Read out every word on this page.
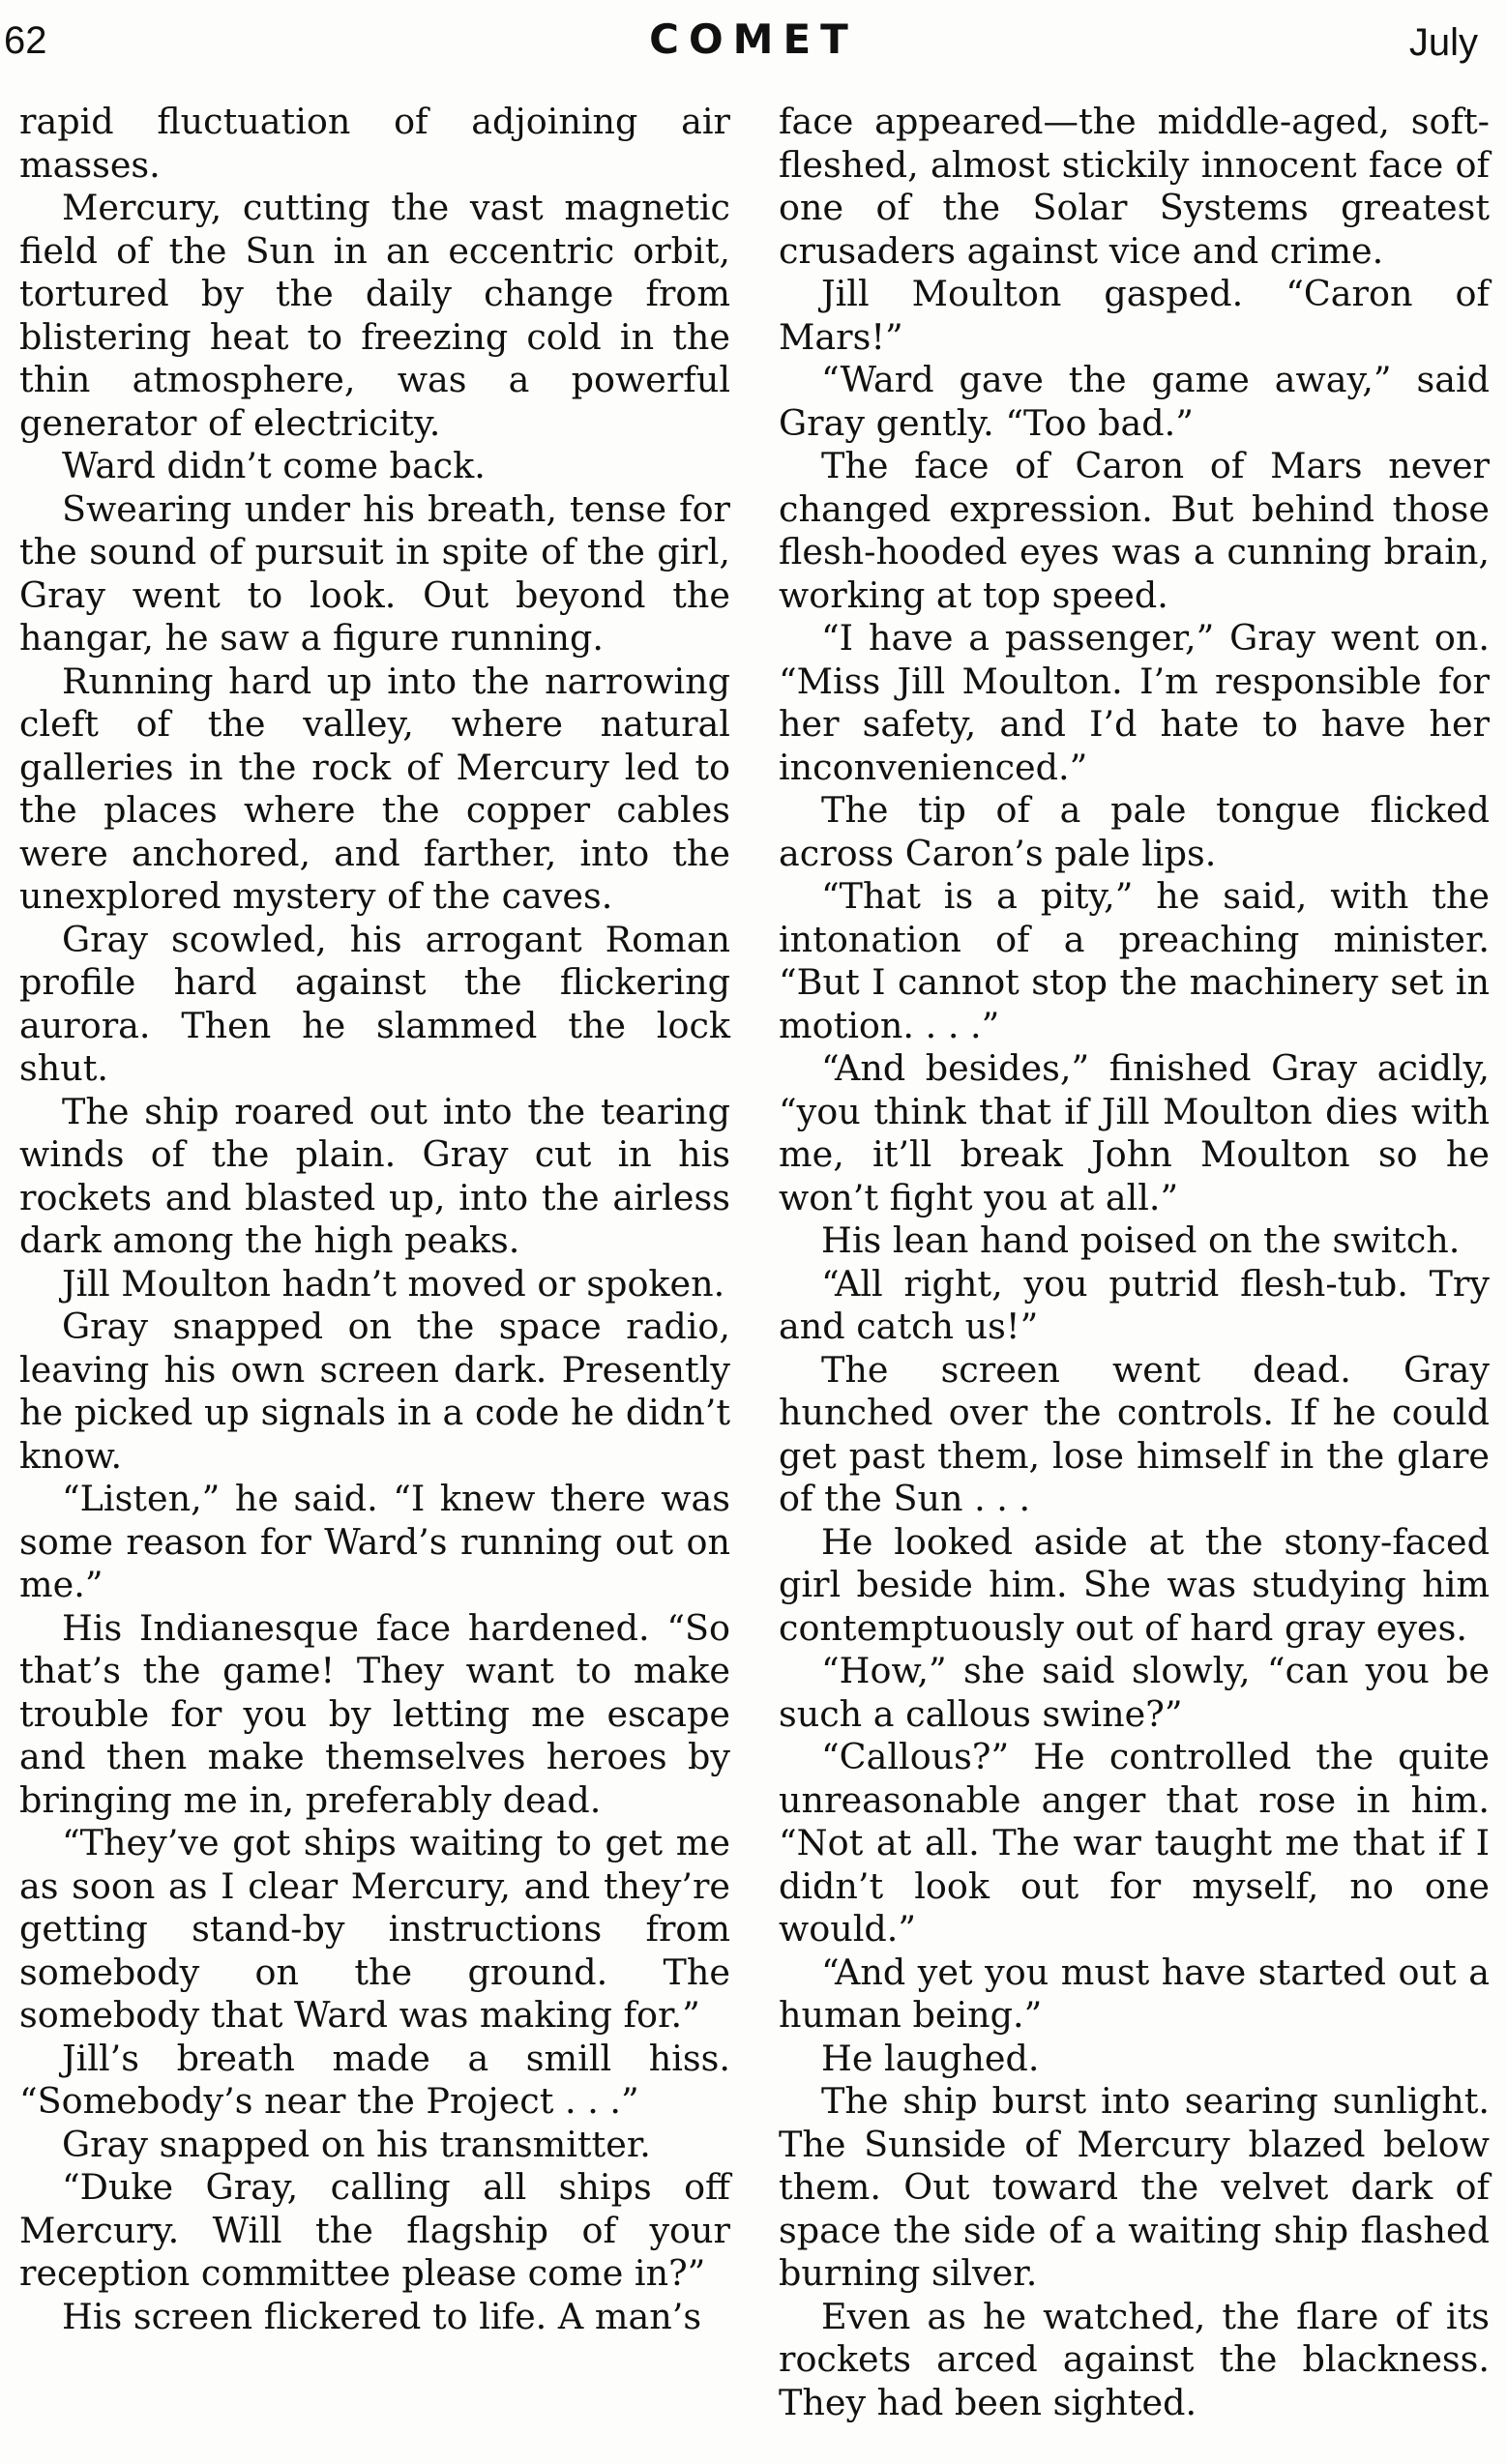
62	COMET	July

rapid fluctuation of adjoining air masses.

Mercury, cutting the vast magnetic field of the Sun in an eccentric orbit, tortured by the daily change from blistering heat to freezing cold in the thin atmosphere, was a powerful generator of electricity.

Ward didn’t come back.

Swearing under his breath, tense for the sound of pursuit in spite of the girl, Gray went to look. Out beyond the hangar, he saw a figure running.

Running hard up into the narrowing cleft of the valley, where natural galleries in the rock of Mercury led to the places where the copper cables were anchored, and farther, into the unexplored mystery of the caves.

Gray scowled, his arrogant Roman profile hard against the flickering aurora. Then he slammed the lock shut.

The ship roared out into the tearing winds of the plain. Gray cut in his rockets and blasted up, into the airless dark among the high peaks.

Jill Moulton hadn’t moved or spoken.

Gray snapped on the space radio, leaving his own screen dark. Presently he picked up signals in a code he didn’t know.

“Listen,” he said. “I knew there was some reason for Ward’s running out on me.”

His Indianesque face hardened. “So that’s the game! They want to make trouble for you by letting me escape and then make themselves heroes by bringing me in, preferably dead.

“They’ve got ships waiting to get me as soon as I clear Mercury, and they’re getting stand-by instructions from somebody on the ground. The somebody that Ward was making for.”

Jill’s breath made a smill hiss. “Somebody’s near the Project . . .”

Gray snapped on his transmitter.

“Duke Gray, calling all ships off Mercury. Will the flagship of your reception committee please come in?”

His screen flickered to life. A man’s

face appeared—the middle-aged, soft-fleshed, almost stickily innocent face of one of the Solar Systems greatest crusaders against vice and crime.

Jill Moulton gasped. “Caron of Mars!”

“Ward gave the game away,” said Gray gently. “Too bad.”

The face of Caron of Mars never changed expression. But behind those flesh-hooded eyes was a cunning brain, working at top speed.

“I have a passenger,” Gray went on. “Miss Jill Moulton. I’m responsible for her safety, and I’d hate to have her inconvenienced.”

The tip of a pale tongue flicked across Caron’s pale lips.

“That is a pity,” he said, with the intonation of a preaching minister. “But I cannot stop the machinery set in motion. . . .”

“And besides,” finished Gray acidly, “you think that if Jill Moulton dies with me, it’ll break John Moulton so he won’t fight you at all.”

His lean hand poised on the switch.

“All right, you putrid flesh-tub. Try and catch us!”

The screen went dead. Gray hunched over the controls. If he could get past them, lose himself in the glare of the Sun . . .

He looked aside at the stony-faced girl beside him. She was studying him contemptuously out of hard gray eyes.

“How,” she said slowly, “can you be such a callous swine?”

“Callous?” He controlled the quite unreasonable anger that rose in him. “Not at all. The war taught me that if I didn’t look out for myself, no one would.”

“And yet you must have started out a human being.”

He laughed.

The ship burst into searing sunlight. The Sunside of Mercury blazed below them. Out toward the velvet dark of space the side of a waiting ship flashed burning silver.

Even as he watched, the flare of its rockets arced against the blackness. They had been sighted.
